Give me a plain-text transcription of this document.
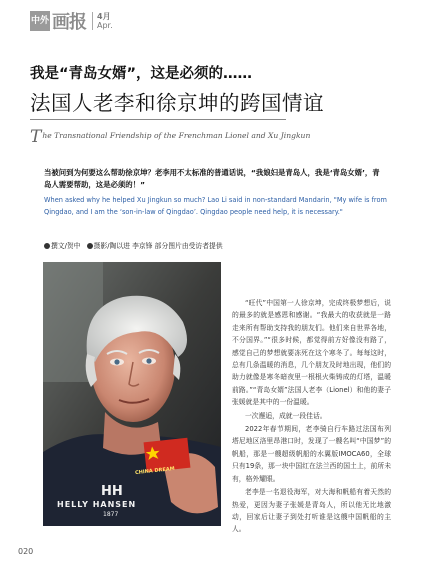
中外 画报 4月
Apr.
我是“青岛女婿”，这是必须的……
法国人老李和徐京坤的跨国情谊
The Transnational Friendship of the Frenchman Lionel and Xu Jingkun
当被问到为何要这么帮助徐京坤？老李用不太标准的普通话说，“我娘妇是青岛人，我是‘青岛女婿’，青岛人需要帮助，这是必须的！”
When asked why he helped Xu Jingkun so much? Lao Li said in non-standard Mandarin, "My wife is from Qingdao, and I am the ‘son-in-law of Qingdao’. Qingdao people need help, it is necessary."
撰文/贺中 摄影/陶以进 李京锋 部分图片由受访者提供
CHINA DREAM
HH
HELLY HANSEN
1877

“旺代”中国第一人徐京坤，完成终极梦想后，说的最多的就是感恩和感谢。“我最大的收获就是一路走来所有帮助支持我的朋友们。他们来自世界各地，不分国界。”“很多时候，都觉得前方好像没有路了，感觉自己的梦想就要冻死在这个寒冬了。每每这时，总有几条温暖的消息，几个朋友及时地出现，他们的助力就像是寒冬暗夜里一根根火柴铸成的灯塔，温暖前路。”“青岛女婿”法国人老李（Lionel）和他的妻子张媛就是其中的一份温暖。

一次邂逅，成就一段佳话。

2022年春节期间，老李骑自行车路过法国布列塔尼地区洛里昂港口时，发现了一艘名叫“中国梦”的帆船，那是一艘超级帆船的水翼版IMOCA60，全球只有19条，那一块中国红在法兰西的国土上，前所未有，格外耀眼。

老李是一名退役海军，对大海和帆船有着天然的热爱，更因为妻子张媛是青岛人，所以他无比地激动，回家后让妻子到处打听谁是这艘中国帆船的主人。

020
